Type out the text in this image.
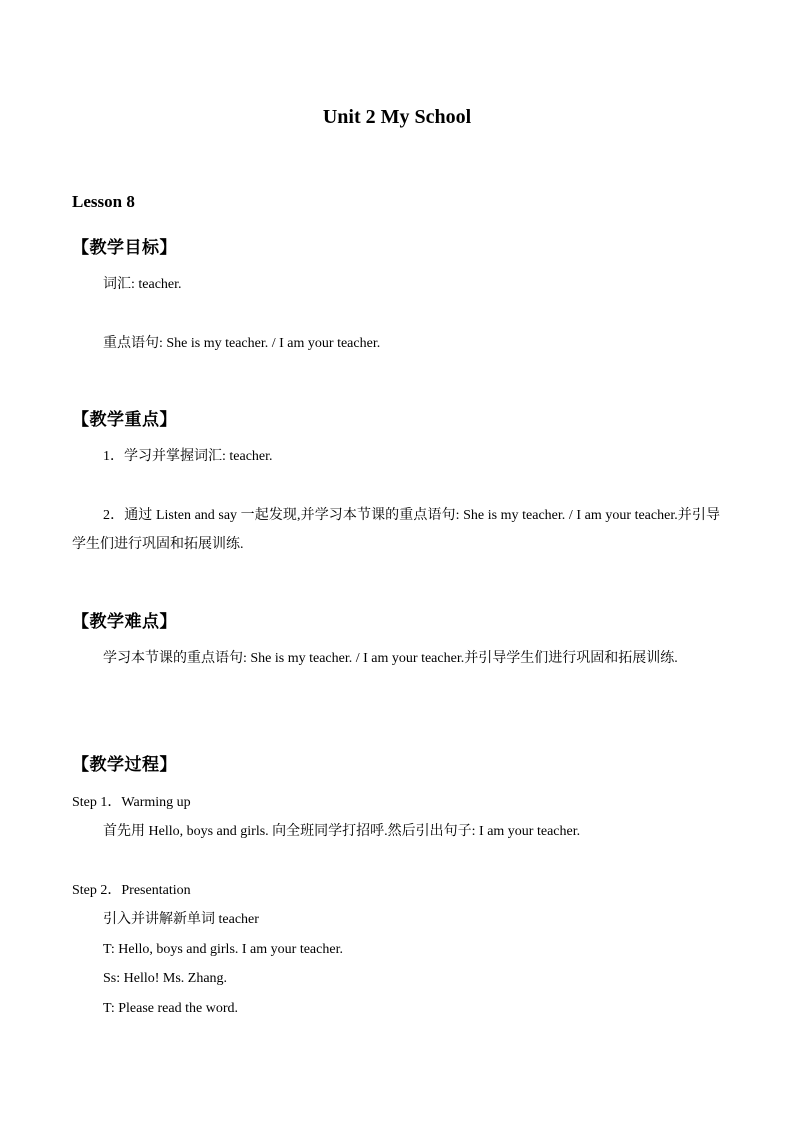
Unit 2 My School
Lesson 8
【教学目标】
词汇: teacher.
重点语句: She is my teacher. / I am your teacher.
【教学重点】
1．学习并掌握词汇: teacher.
2．通过 Listen and say 一起发现,并学习本节课的重点语句: She is my teacher. / I am your teacher.并引导学生们进行巩固和拓展训练.
【教学难点】
学习本节课的重点语句: She is my teacher. / I am your teacher.并引导学生们进行巩固和拓展训练.
【教学过程】
Step 1．Warming up
首先用 Hello, boys and girls. 向全班同学打招呼.然后引出句子: I am your teacher.
Step 2．Presentation
引入并讲解新单词 teacher
T: Hello, boys and girls. I am your teacher.
Ss: Hello! Ms. Zhang.
T: Please read the word.
